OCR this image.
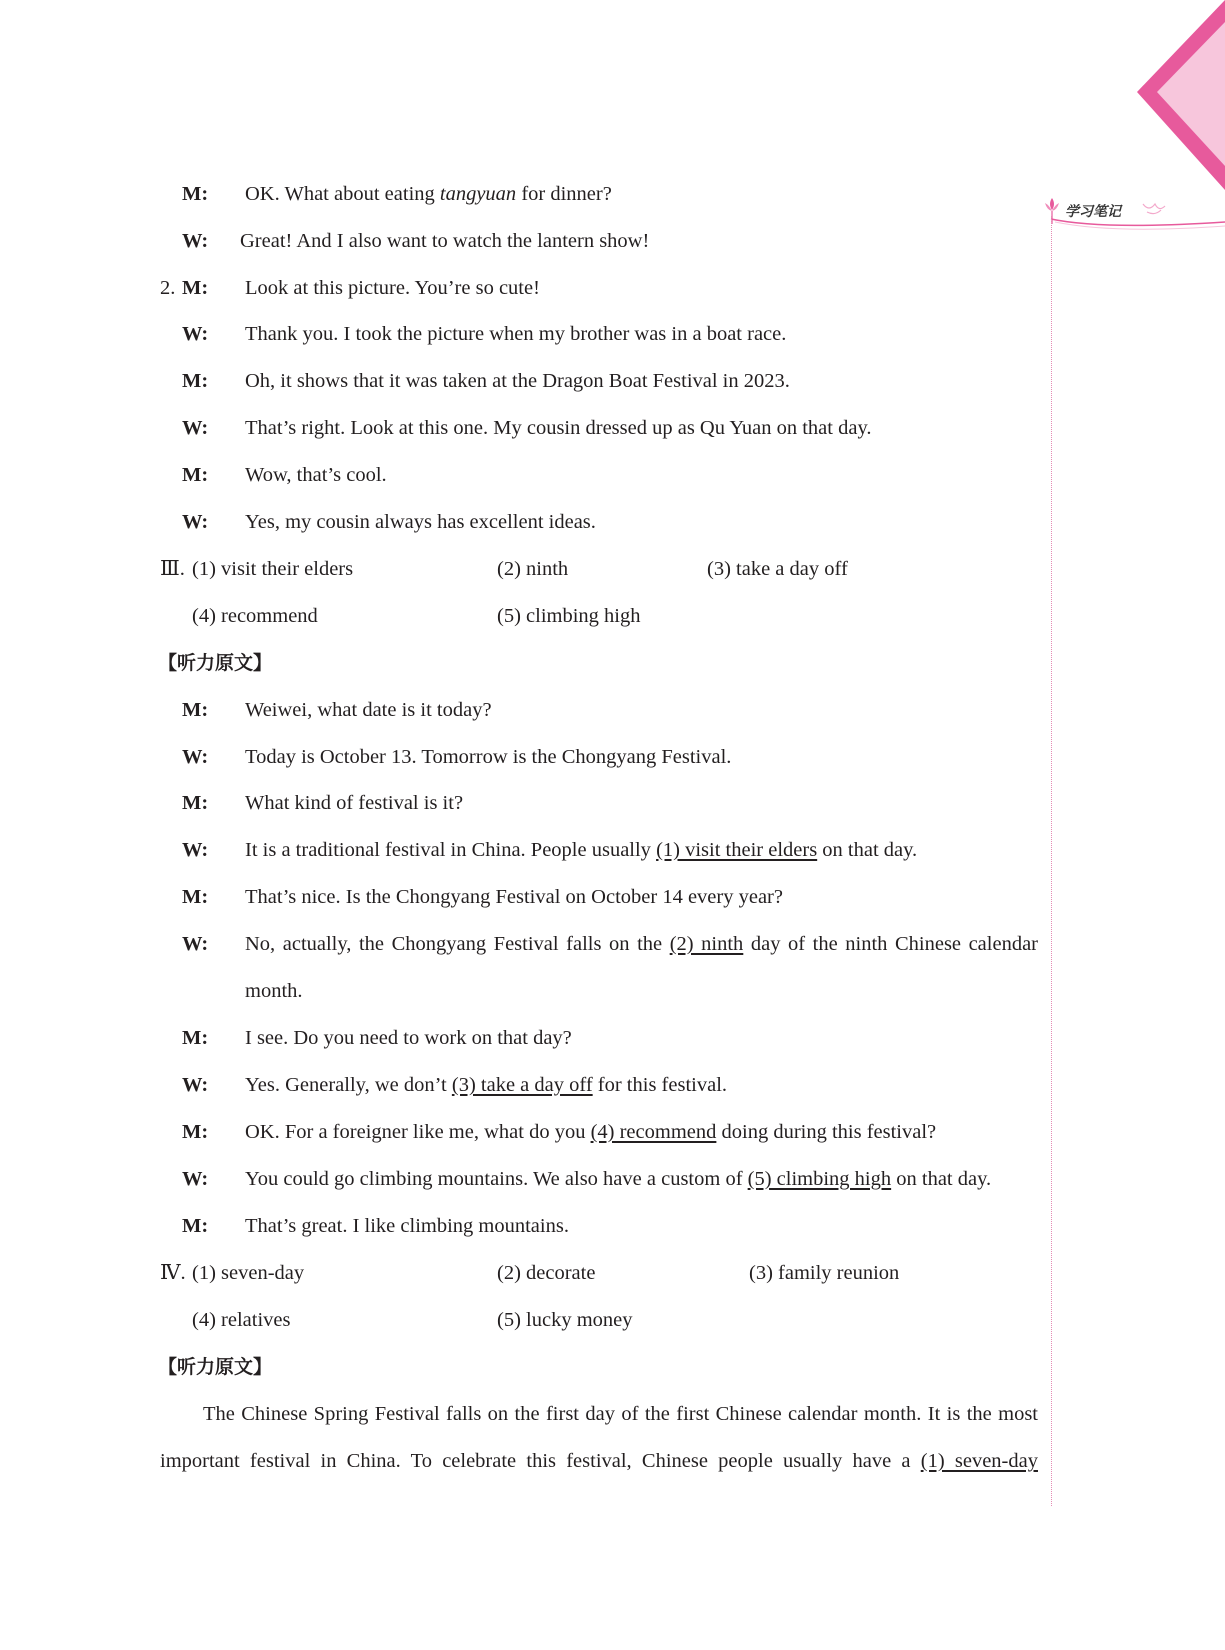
学习笔记
M: OK. What about eating tangyuan for dinner?
W: Great! And I also want to watch the lantern show!
2. M: Look at this picture. You’re so cute!
W: Thank you. I took the picture when my brother was in a boat race.
M: Oh, it shows that it was taken at the Dragon Boat Festival in 2023.
W: That’s right. Look at this one. My cousin dressed up as Qu Yuan on that day.
M: Wow, that’s cool.
W: Yes, my cousin always has excellent ideas.
Ⅲ. (1) visit their elders	(2) ninth	(3) take a day off
(4) recommend	(5) climbing high
【听力原文】
M: Weiwei, what date is it today?
W: Today is October 13. Tomorrow is the Chongyang Festival.
M: What kind of festival is it?
W: It is a traditional festival in China. People usually (1) visit their elders on that day.
M: That’s nice. Is the Chongyang Festival on October 14 every year?
W: No, actually, the Chongyang Festival falls on the (2) ninth day of the ninth Chinese calendar
month.
M: I see. Do you need to work on that day?
W: Yes. Generally, we don’t (3) take a day off for this festival.
M: OK. For a foreigner like me, what do you (4) recommend doing during this festival?
W: You could go climbing mountains. We also have a custom of (5) climbing high on that day.
M: That’s great. I like climbing mountains.
Ⅳ. (1) seven-day	(2) decorate	(3) family reunion
(4) relatives	(5) lucky money
【听力原文】
The Chinese Spring Festival falls on the first day of the first Chinese calendar month. It is the most
important festival in China. To celebrate this festival, Chinese people usually have a (1) seven-day
